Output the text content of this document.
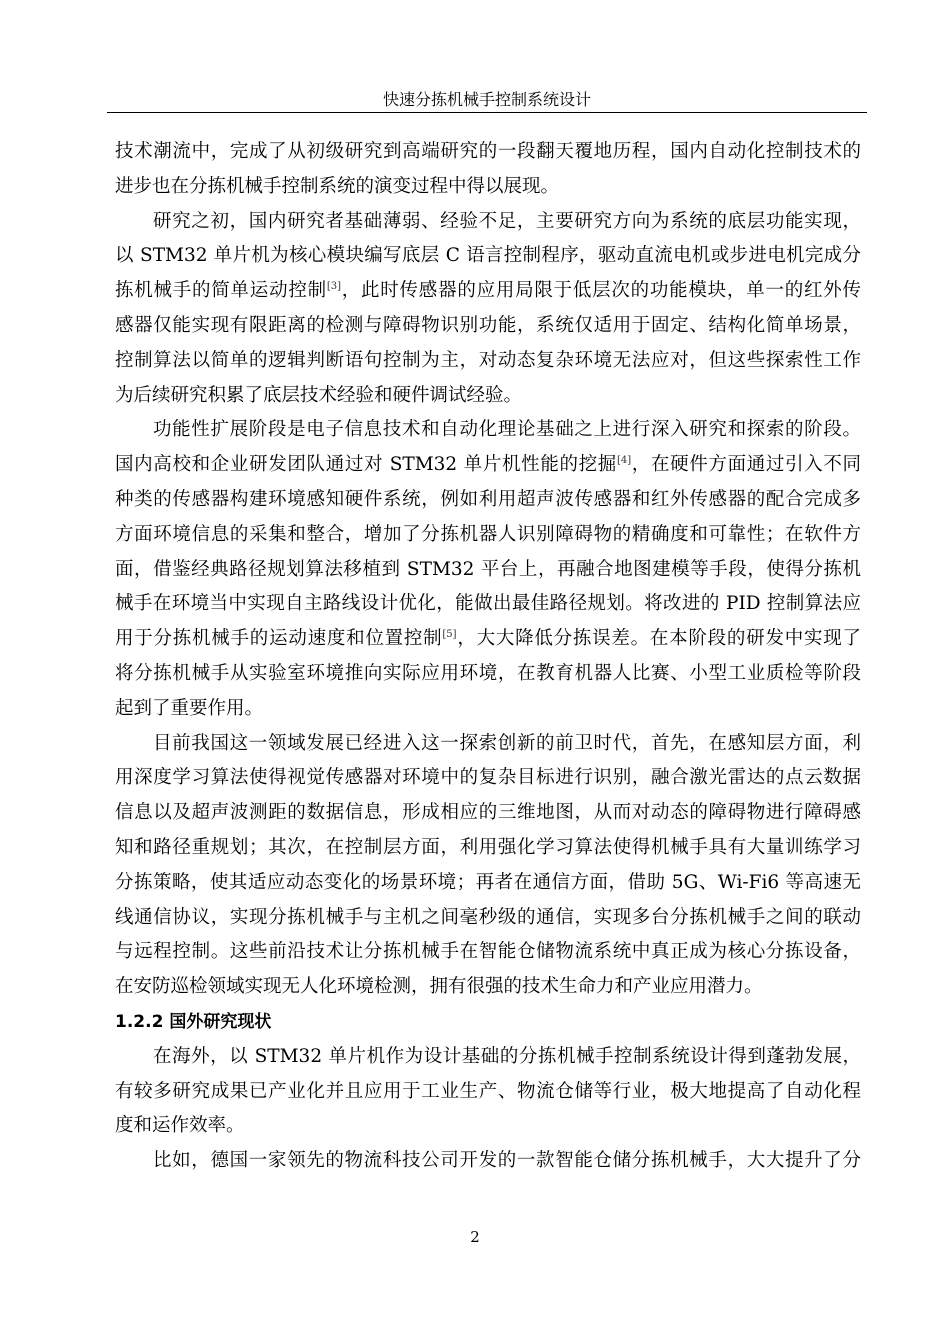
快速分拣机械手控制系统设计
技术潮流中，完成了从初级研究到高端研究的一段翻天覆地历程，国内自动化控制技术的
进步也在分拣机械手控制系统的演变过程中得以展现。
研究之初，国内研究者基础薄弱、经验不足，主要研究方向为系统的底层功能实现，
以 STM32 单片机为核心模块编写底层 C 语言控制程序，驱动直流电机或步进电机完成分
拣机械手的简单运动控制[3]，此时传感器的应用局限于低层次的功能模块，单一的红外传
感器仅能实现有限距离的检测与障碍物识别功能，系统仅适用于固定、结构化简单场景，
控制算法以简单的逻辑判断语句控制为主，对动态复杂环境无法应对，但这些探索性工作
为后续研究积累了底层技术经验和硬件调试经验。
功能性扩展阶段是电子信息技术和自动化理论基础之上进行深入研究和探索的阶段。
国内高校和企业研发团队通过对 STM32 单片机性能的挖掘[4]，在硬件方面通过引入不同
种类的传感器构建环境感知硬件系统，例如利用超声波传感器和红外传感器的配合完成多
方面环境信息的采集和整合，增加了分拣机器人识别障碍物的精确度和可靠性；在软件方
面，借鉴经典路径规划算法移植到 STM32 平台上，再融合地图建模等手段，使得分拣机
械手在环境当中实现自主路线设计优化，能做出最佳路径规划。将改进的 PID 控制算法应
用于分拣机械手的运动速度和位置控制[5]，大大降低分拣误差。在本阶段的研发中实现了
将分拣机械手从实验室环境推向实际应用环境，在教育机器人比赛、小型工业质检等阶段
起到了重要作用。
目前我国这一领域发展已经进入这一探索创新的前卫时代，首先，在感知层方面，利
用深度学习算法使得视觉传感器对环境中的复杂目标进行识别，融合激光雷达的点云数据
信息以及超声波测距的数据信息，形成相应的三维地图，从而对动态的障碍物进行障碍感
知和路径重规划；其次，在控制层方面，利用强化学习算法使得机械手具有大量训练学习
分拣策略，使其适应动态变化的场景环境；再者在通信方面，借助 5G、Wi-Fi6 等高速无
线通信协议，实现分拣机械手与主机之间毫秒级的通信，实现多台分拣机械手之间的联动
与远程控制。这些前沿技术让分拣机械手在智能仓储物流系统中真正成为核心分拣设备，
在安防巡检领域实现无人化环境检测，拥有很强的技术生命力和产业应用潜力。
1.2.2 国外研究现状
在海外，以 STM32 单片机作为设计基础的分拣机械手控制系统设计得到蓬勃发展，
有较多研究成果已产业化并且应用于工业生产、物流仓储等行业，极大地提高了自动化程
度和运作效率。
比如，德国一家领先的物流科技公司开发的一款智能仓储分拣机械手，大大提升了分
2
